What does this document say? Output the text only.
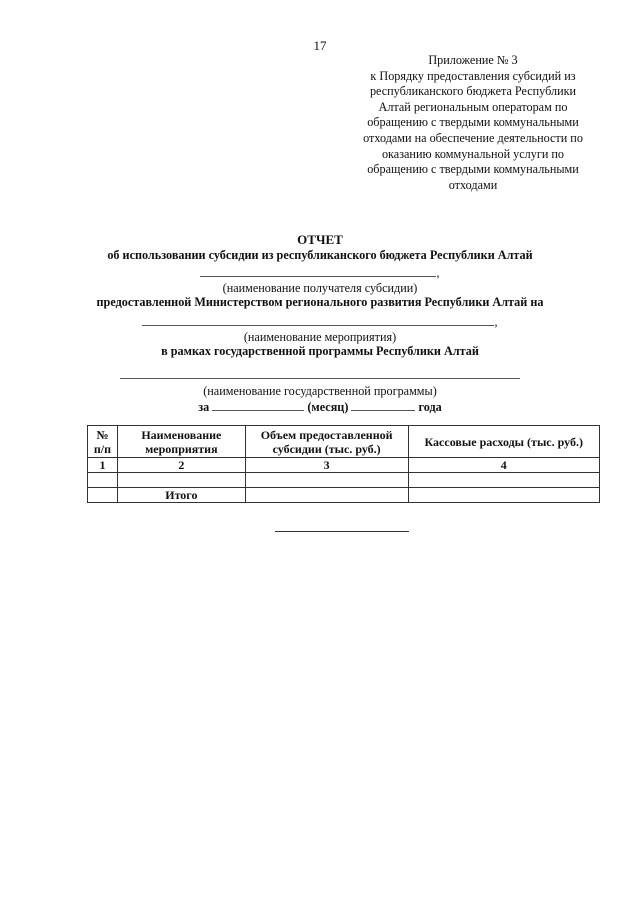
17
Приложение № 3
к Порядку предоставления субсидий из
республиканского бюджета Республики
Алтай региональным операторам по
обращению с твердыми коммунальными
отходами на обеспечение деятельности по
оказанию коммунальной услуги по
обращению с твердыми коммунальными
отходами
ОТЧЕТ
об использовании субсидии из республиканского бюджета Республики Алтай
,
(наименование получателя субсидии)
предоставленной Министерством регионального развития Республики Алтай на
,
(наименование мероприятия)
в рамках государственной программы Республики Алтай
(наименование государственной программы)
за	(месяц)	года
№ п/п	Наименование мероприятия	Объем предоставленной субсидии (тыс. руб.)	Кассовые расходы (тыс. руб.)
1	2	3	4

	Итого		
